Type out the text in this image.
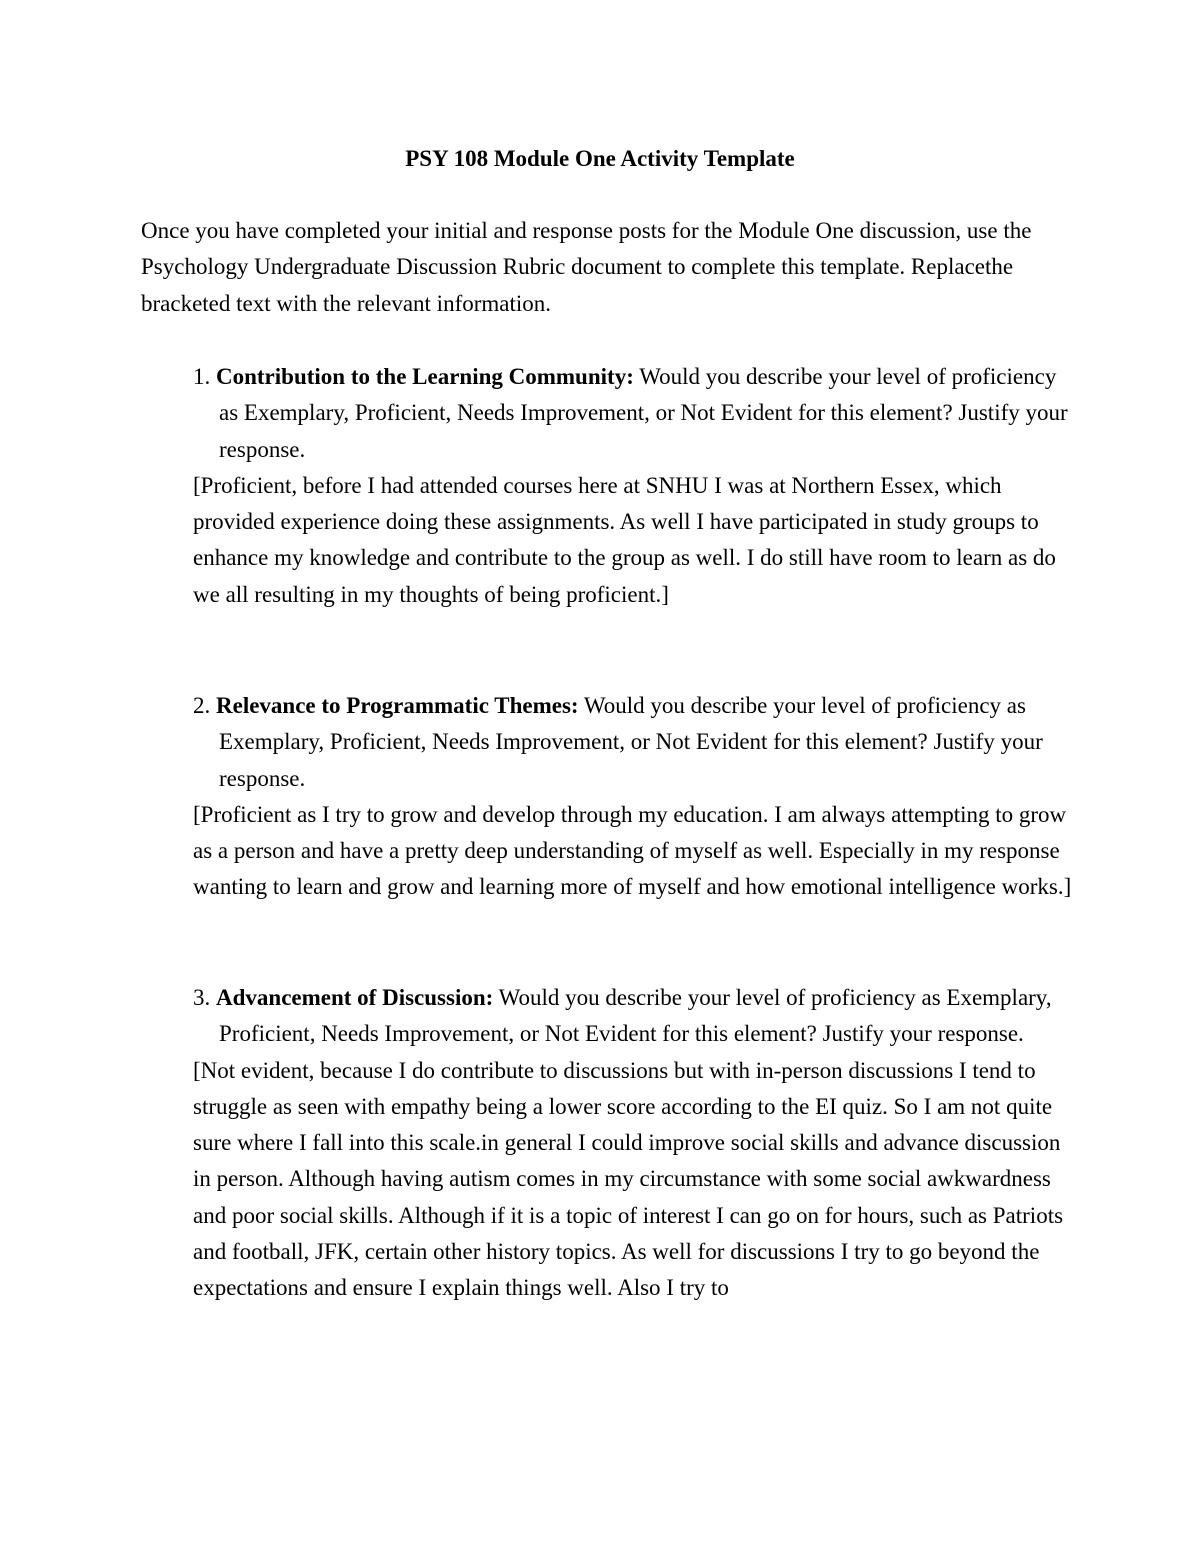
PSY 108 Module One Activity Template

Once you have completed your initial and response posts for the Module One discussion, use the Psychology Undergraduate Discussion Rubric document to complete this template. Replacethe bracketed text with the relevant information.

1. Contribution to the Learning Community: Would you describe your level of proficiency as Exemplary, Proficient, Needs Improvement, or Not Evident for this element? Justify your response.

[Proficient, before I had attended courses here at SNHU I was at Northern Essex, which provided experience doing these assignments. As well I have participated in study groups to enhance my knowledge and contribute to the group as well. I do still have room to learn as do we all resulting in my thoughts of being proficient.]

2. Relevance to Programmatic Themes: Would you describe your level of proficiency as Exemplary, Proficient, Needs Improvement, or Not Evident for this element? Justify your response.

[Proficient as I try to grow and develop through my education. I am always attempting to grow as a person and have a pretty deep understanding of myself as well. Especially in my response wanting to learn and grow and learning more of myself and how emotional intelligence works.]

3. Advancement of Discussion: Would you describe your level of proficiency as Exemplary, Proficient, Needs Improvement, or Not Evident for this element? Justify your response.

[Not evident, because I do contribute to discussions but with in-person discussions I tend to struggle as seen with empathy being a lower score according to the EI quiz. So I am not quite sure where I fall into this scale.in general I could improve social skills and advance discussion in person. Although having autism comes in my circumstance with some social awkwardness and poor social skills. Although if it is a topic of interest I can go on for hours, such as Patriots and football, JFK, certain other history topics. As well for discussions I try to go beyond the expectations and ensure I explain things well. Also I try to
